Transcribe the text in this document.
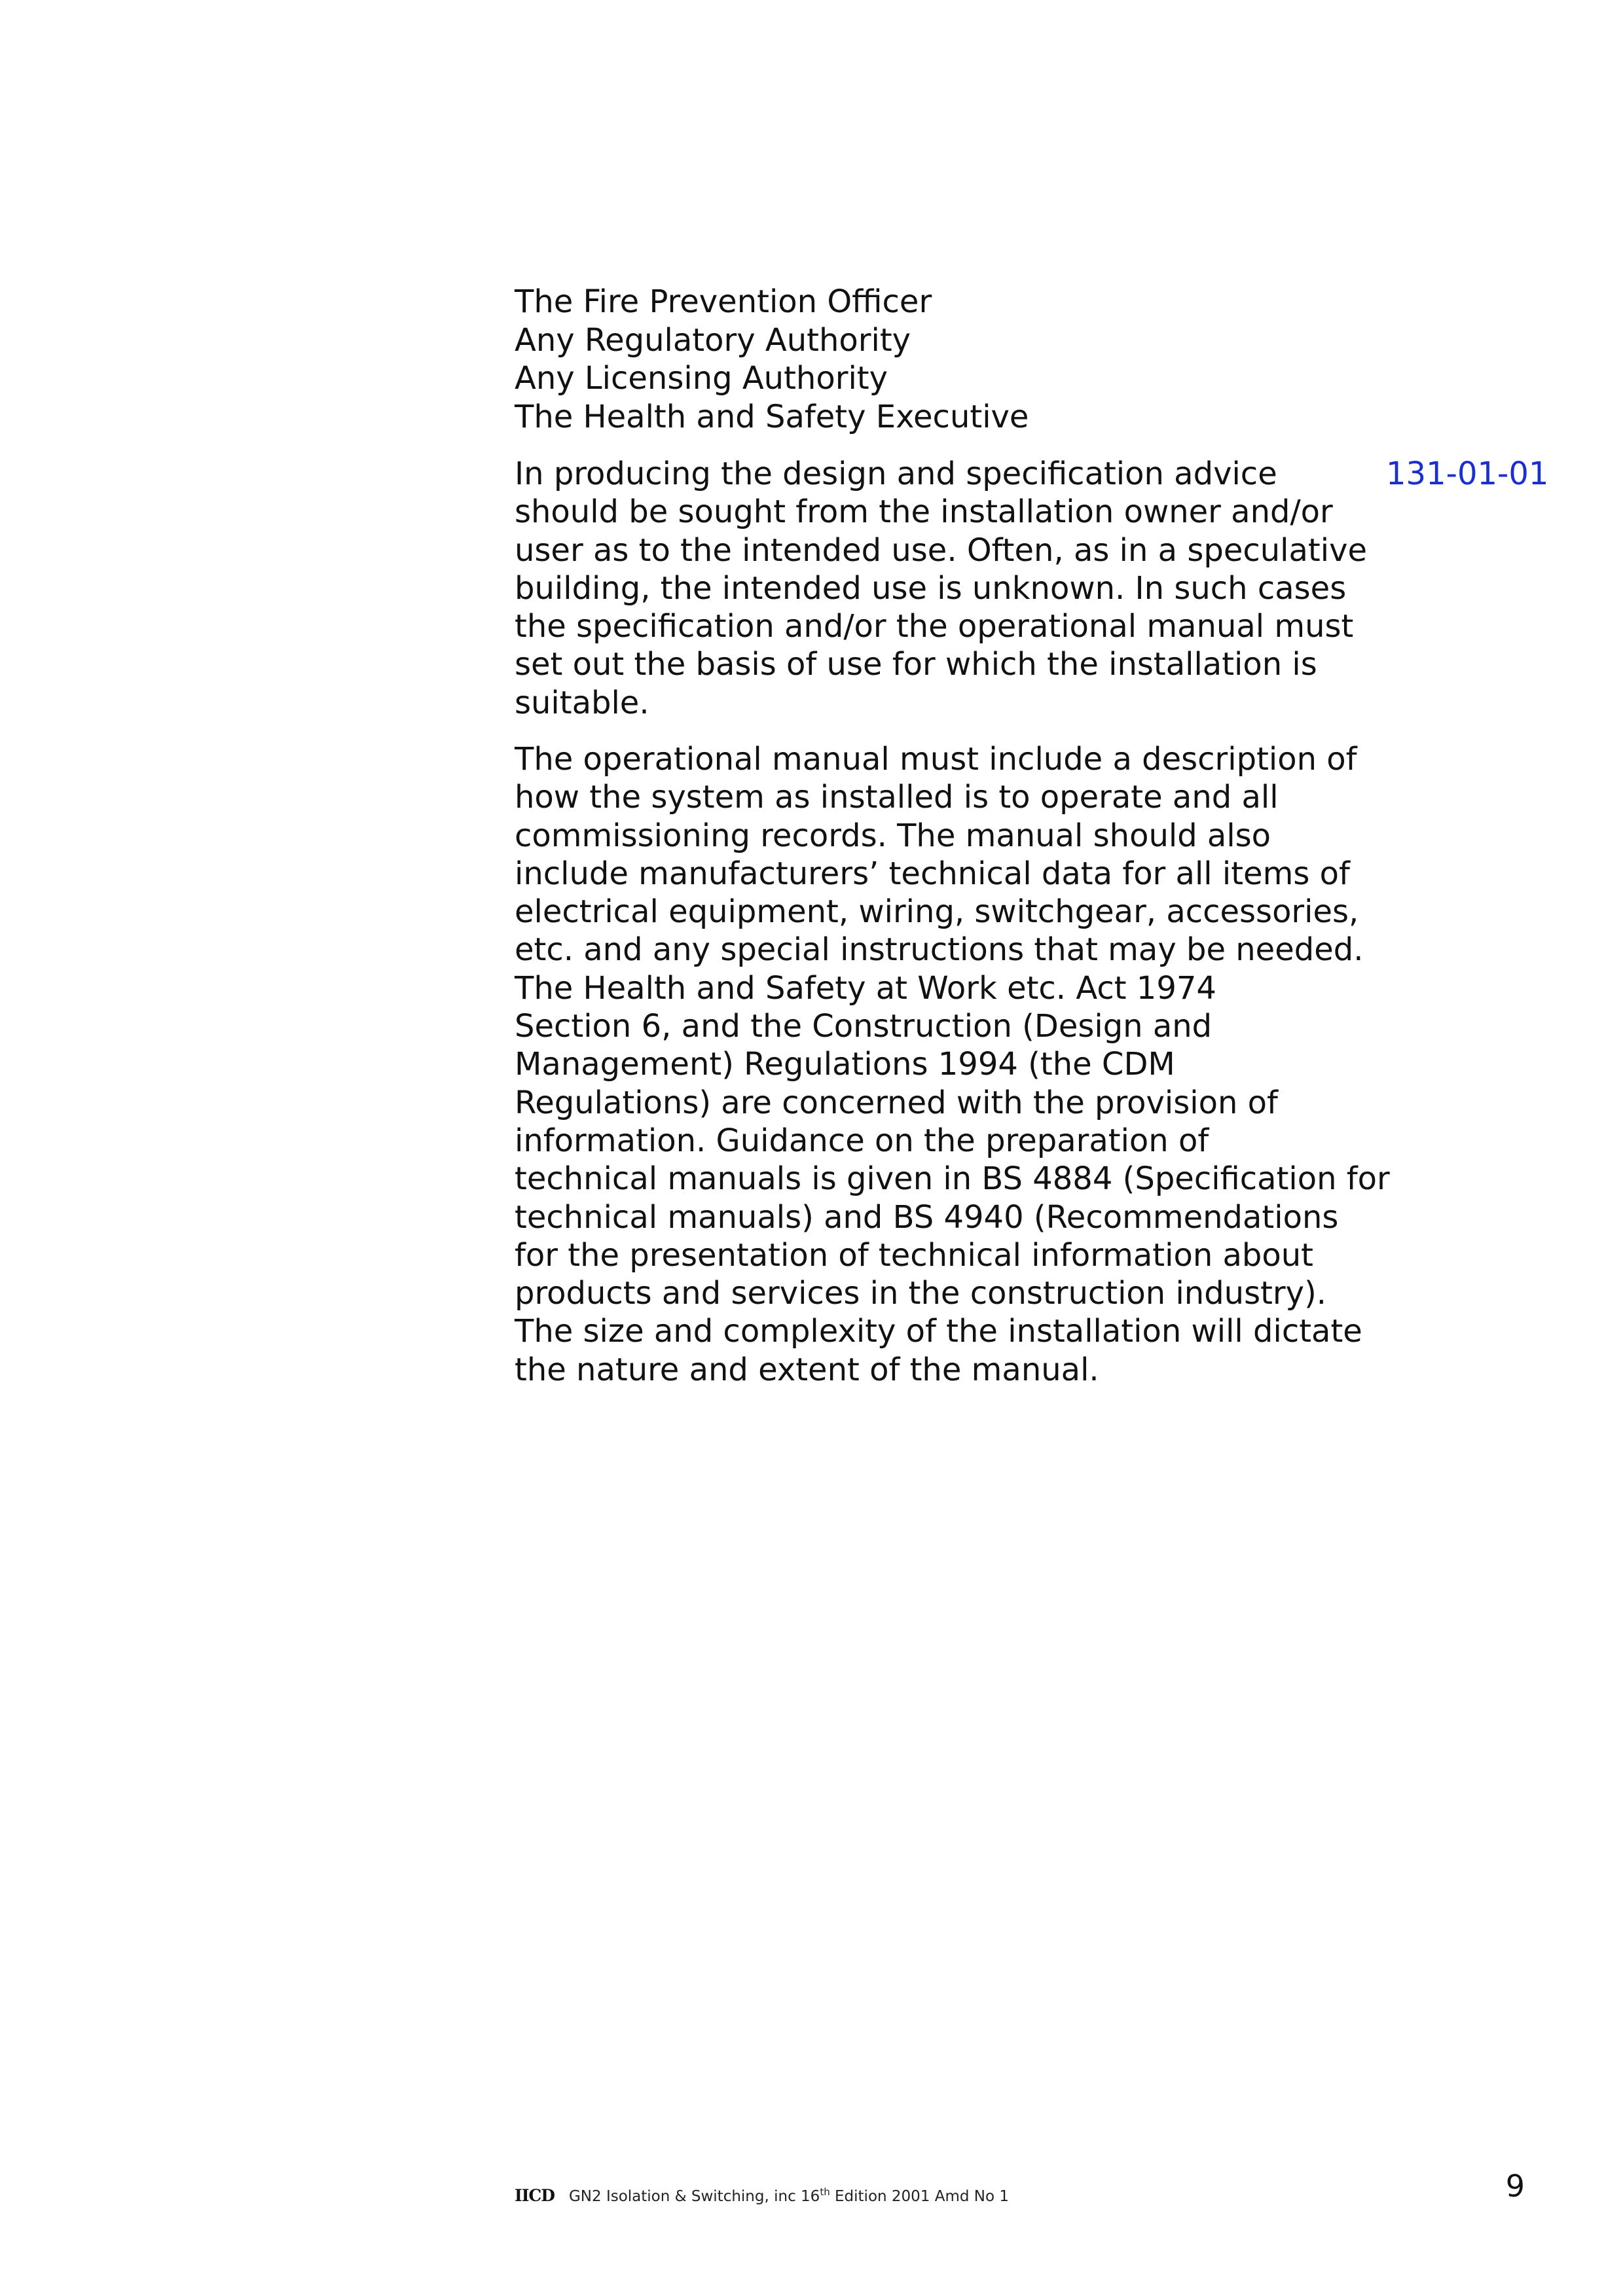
The Fire Prevention Officer
Any Regulatory Authority
Any Licensing Authority
The Health and Safety Executive

In producing the design and specification advice
should be sought from the installation owner and/or
user as to the intended use. Often, as in a speculative
building, the intended use is unknown. In such cases
the specification and/or the operational manual must
set out the basis of use for which the installation is
suitable.

131-01-01

The operational manual must include a description of
how the system as installed is to operate and all
commissioning records. The manual should also
include manufacturers’ technical data for all items of
electrical equipment, wiring, switchgear, accessories,
etc. and any special instructions that may be needed.
The Health and Safety at Work etc. Act 1974
Section 6, and the Construction (Design and
Management) Regulations 1994 (the CDM
Regulations) are concerned with the provision of
information. Guidance on the preparation of
technical manuals is given in BS 4884 (Specification for
technical manuals) and BS 4940 (Recommendations
for the presentation of technical information about
products and services in the construction industry).
The size and complexity of the installation will dictate
the nature and extent of the manual.

IICD GN2 Isolation & Switching, inc 16th Edition 2001 Amd No 1	9
